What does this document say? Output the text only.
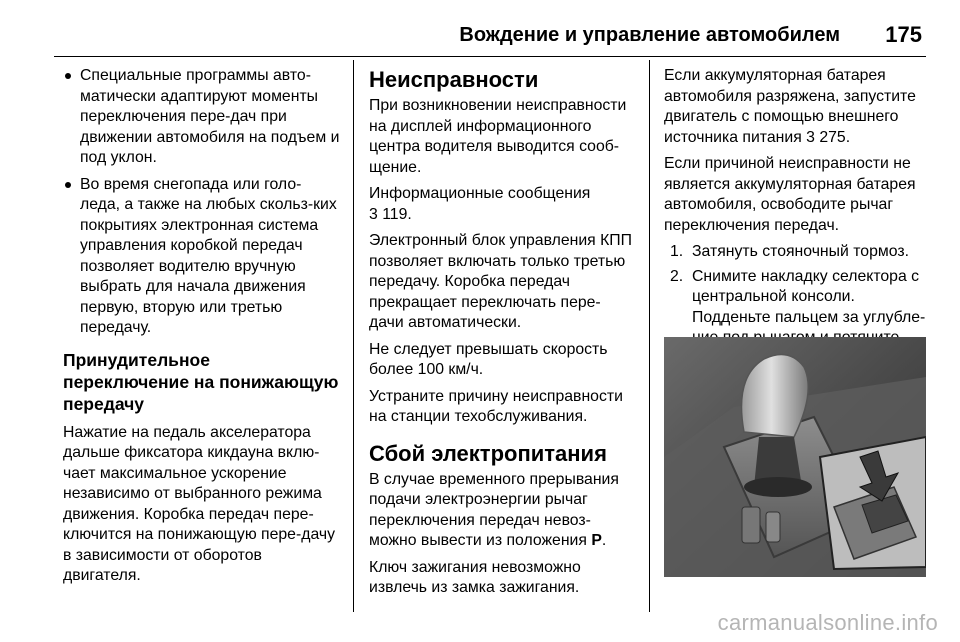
Вождение и управление автомобилем 175
Специальные программы авто-матически адаптируют моменты переключения пере-дач при движении автомобиля на подъем и под уклон.
Во время снегопада или голо-леда, а также на любых скольз-ких покрытиях электронная система управления коробкой передач позволяет водителю вручную выбрать для начала движения первую, вторую или третью передачу.
Принудительное переключение на понижающую передачу
Нажатие на педаль акселератора дальше фиксатора кикдауна вклю-чает максимальное ускорение независимо от выбранного режима движения. Коробка передач пере-ключится на понижающую пере-дачу в зависимости от оборотов двигателя.
Неисправности
При возникновении неисправности на дисплей информационного центра водителя выводится сооб-щение.
Информационные сообщения
3 119.
Электронный блок управления КПП позволяет включать только третью передачу. Коробка передач прекращает переключать пере-дачи автоматически.
Не следует превышать скорость более 100 км/ч.
Устраните причину неисправности на станции техобслуживания.
Сбой электропитания
В случае временного прерывания подачи электроэнергии рычаг переключения передач невоз-можно вывести из положения P.
Ключ зажигания невозможно извлечь из замка зажигания.
Если аккумуляторная батарея автомобиля разряжена, запустите двигатель с помощью внешнего источника питания 3 275.
Если причиной неисправности не является аккумуляторная батарея автомобиля, освободите рычаг переключения передач.
1. Затянуть стояночный тормоз.
2. Снимите накладку селектора с центральной консоли.
Подденьте пальцем за углубле-
carmanualsonline.info
